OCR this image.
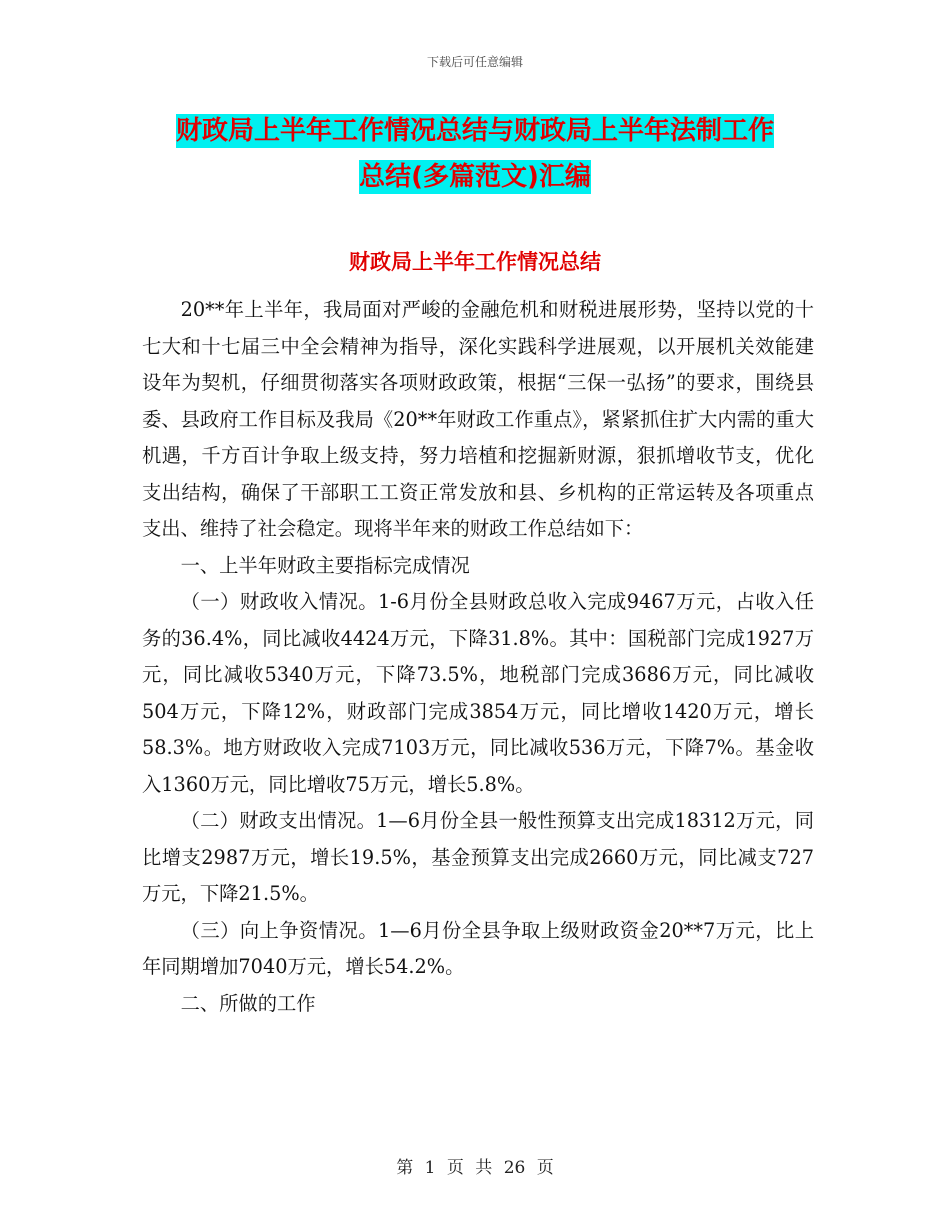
下载后可任意编辑
财政局上半年工作情况总结与财政局上半年法制工作
总结(多篇范文)汇编
财政局上半年工作情况总结

20**年上半年，我局面对严峻的金融危机和财税进展形势，坚持以党的十七大和十七届三中全会精神为指导，深化实践科学进展观，以开展机关效能建设年为契机，仔细贯彻落实各项财政政策，根据“三保一弘扬”的要求，围绕县委、县政府工作目标及我局《20**年财政工作重点》，紧紧抓住扩大内需的重大机遇，千方百计争取上级支持，努力培植和挖掘新财源，狠抓增收节支，优化支出结构，确保了干部职工工资正常发放和县、乡机构的正常运转及各项重点支出、维持了社会稳定。现将半年来的财政工作总结如下：

一、上半年财政主要指标完成情况

（一）财政收入情况。1-6月份全县财政总收入完成9467万元，占收入任务的36.4%，同比减收4424万元，下降31.8%。其中：国税部门完成1927万元，同比减收5340万元，下降73.5%，地税部门完成3686万元，同比减收504万元，下降12%，财政部门完成3854万元，同比增收1420万元，增长58.3%。地方财政收入完成7103万元，同比减收536万元，下降7%。基金收入1360万元，同比增收75万元，增长5.8%。

（二）财政支出情况。1—6月份全县一般性预算支出完成18312万元，同比增支2987万元，增长19.5%，基金预算支出完成2660万元，同比减支727万元，下降21.5%。

（三）向上争资情况。1—6月份全县争取上级财政资金20**7万元，比上年同期增加7040万元，增长54.2%。

二、所做的工作

第 1 页 共 26 页
